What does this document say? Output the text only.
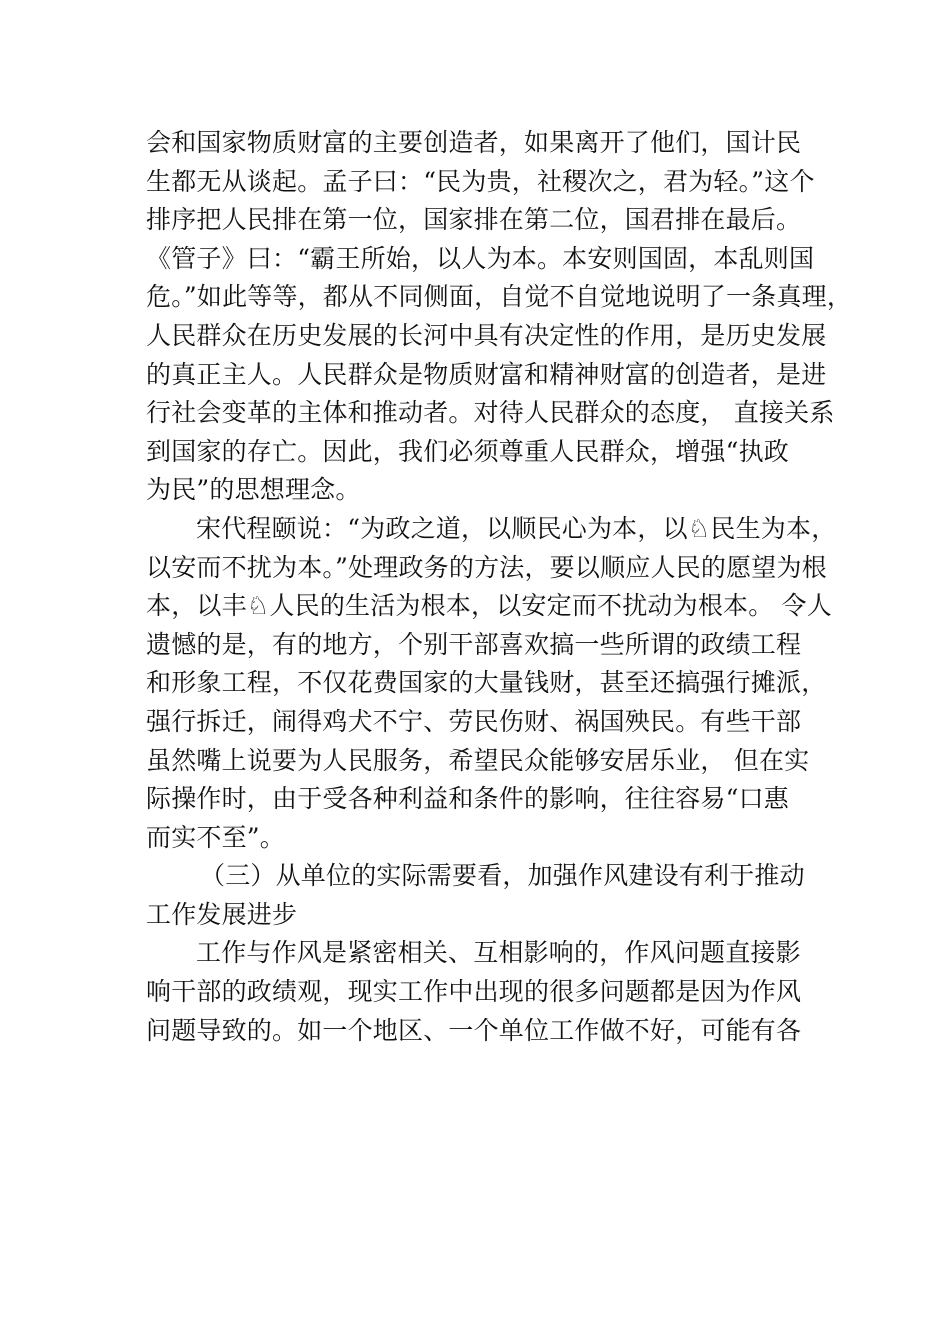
会和国家物质财富的主要创造者，如果离开了他们，国计民
生都无从谈起。孟子曰：“民为贵，社稷次之，君为轻。”这个
排序把人民排在第一位，国家排在第二位，国君排在最后。
《管子》曰：“霸王所始，以人为本。本安则国固，本乱则国
危。”如此等等，都从不同侧面，自觉不自觉地说明了一条真理，
人民群众在历史发展的长河中具有决定性的作用，是历史发展
的真正主人。人民群众是物质财富和精神财富的创造者，是进
行社会变革的主体和推动者。对待人民群众的态度， 直接关系
到国家的存亡。因此，我们必须尊重人民群众，增强“执政
为民”的思想理念。
宋代程颐说：“为政之道，以顺民心为本，以♘民生为本，
以安而不扰为本。”处理政务的方法，要以顺应人民的愿望为根
本，以丰♘人民的生活为根本，以安定而不扰动为根本。 令人
遗憾的是，有的地方，个别干部喜欢搞一些所谓的政绩工程
和形象工程，不仅花费国家的大量钱财，甚至还搞强行摊派，
强行拆迁，闹得鸡犬不宁、劳民伤财、祸国殃民。有些干部
虽然嘴上说要为人民服务，希望民众能够安居乐业， 但在实
际操作时，由于受各种利益和条件的影响，往往容易“口惠
而实不至”。
（三）从单位的实际需要看，加强作风建设有利于推动
工作发展进步
工作与作风是紧密相关、互相影响的，作风问题直接影
响干部的政绩观，现实工作中出现的很多问题都是因为作风
问题导致的。如一个地区、一个单位工作做不好，可能有各
